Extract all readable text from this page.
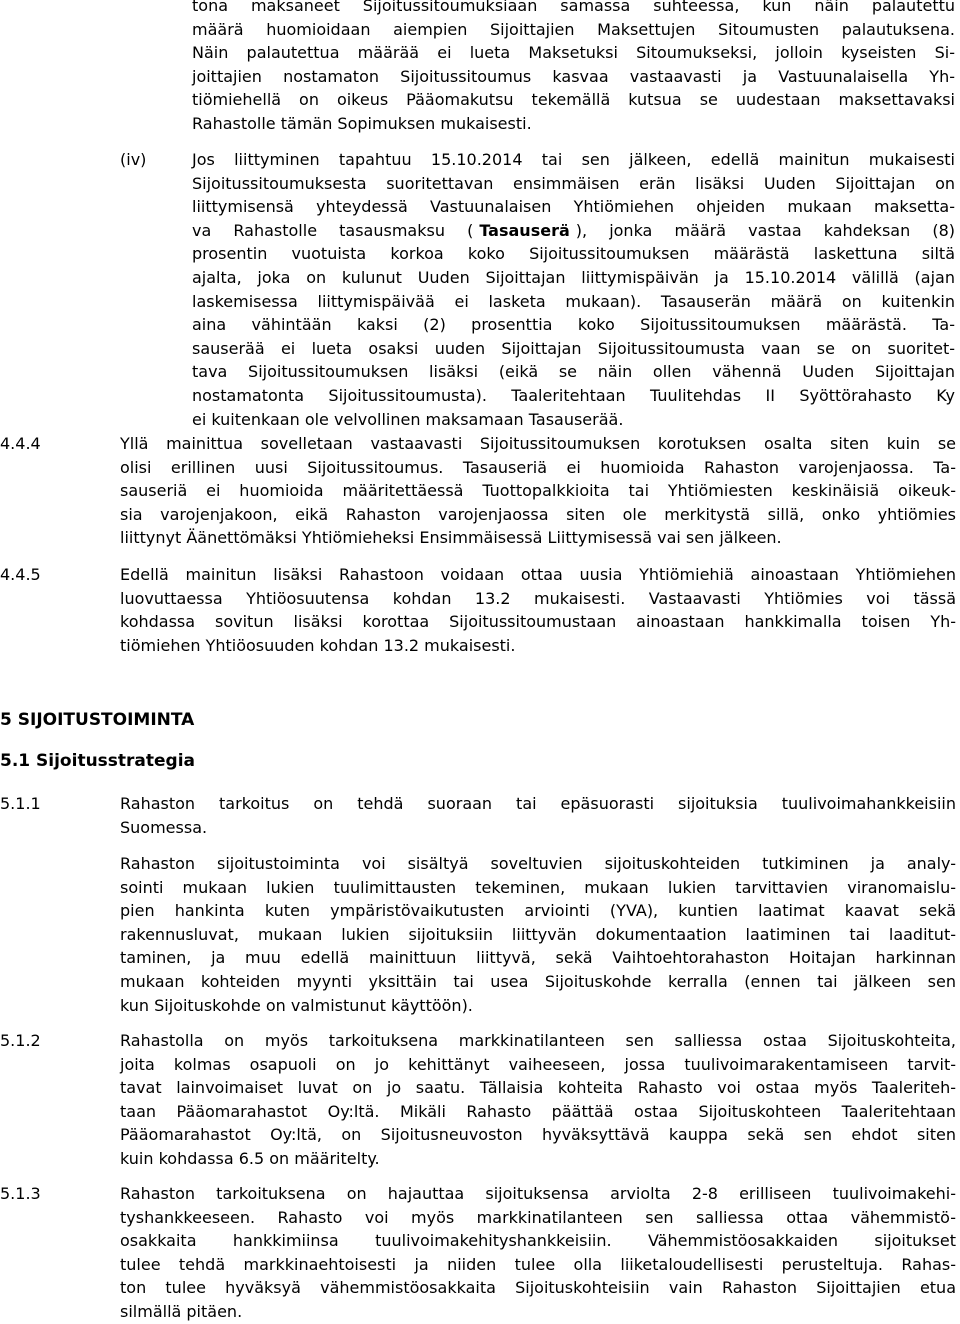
tona maksaneet Sijoitussitoumuksiaan samassa suhteessa, kun näin palautettu
määrä huomioidaan aiempien Sijoittajien Maksettujen Sitoumusten palautuksena.
Näin palautettua määrää ei lueta Maksetuksi Sitoumukseksi, jolloin kyseisten Si-
joittajien nostamaton Sijoitussitoumus kasvaa vastaavasti ja Vastuunalaisella Yh-
tiömiehellä on oikeus Pääomakutsu tekemällä kutsua se uudestaan maksettavaksi
Rahastolle tämän Sopimuksen mukaisesti.
(iv)	Jos liittyminen tapahtuu 15.10.2014 tai sen jälkeen, edellä mainitun mukaisesti
Sijoitussitoumuksesta suoritettavan ensimmäisen erän lisäksi Uuden Sijoittajan on
liittymisensä yhteydessä Vastuunalaisen Yhtiömiehen ohjeiden mukaan maksetta-
va Rahastolle tasausmaksu ( Tasauserä ), jonka määrä vastaa kahdeksan (8)
prosentin vuotuista korkoa koko Sijoitussitoumuksen määrästä laskettuna siltä
ajalta, joka on kulunut Uuden Sijoittajan liittymispäivän ja 15.10.2014 välillä (ajan
laskemisessa liittymispäivää ei lasketa mukaan). Tasauserän määrä on kuitenkin
aina vähintään kaksi (2) prosenttia koko Sijoitussitoumuksen määrästä. Ta-
sauserää ei lueta osaksi uuden Sijoittajan Sijoitussitoumusta vaan se on suoritet-
tava Sijoitussitoumuksen lisäksi (eikä se näin ollen vähennä Uuden Sijoittajan
nostamatonta Sijoitussitoumusta). Taaleritehtaan Tuulitehdas II Syöttörahasto Ky
ei kuitenkaan ole velvollinen maksamaan Tasauserää.
4.4.4	Yllä mainittua sovelletaan vastaavasti Sijoitussitoumuksen korotuksen osalta siten kuin se
olisi erillinen uusi Sijoitussitoumus. Tasauseriä ei huomioida Rahaston varojenjaossa. Ta-
sauseriä ei huomioida määritettäessä Tuottopalkkioita tai Yhtiömiesten keskinäisiä oikeuk-
sia varojenjakoon, eikä Rahaston varojenjaossa siten ole merkitystä sillä, onko yhtiömies
liittynyt Äänettömäksi Yhtiömieheksi Ensimmäisessä Liittymisessä vai sen jälkeen.
4.4.5	Edellä mainitun lisäksi Rahastoon voidaan ottaa uusia Yhtiömiehiä ainoastaan Yhtiömiehen
luovuttaessa Yhtiöosuutensa kohdan 13.2 mukaisesti. Vastaavasti Yhtiömies voi tässä
kohdassa sovitun lisäksi korottaa Sijoitussitoumustaan ainoastaan hankkimalla toisen Yh-
tiömiehen Yhtiöosuuden kohdan 13.2 mukaisesti.
5 SIJOITUSTOIMINTA
5.1 Sijoitusstrategia
5.1.1	Rahaston tarkoitus on tehdä suoraan tai epäsuorasti sijoituksia tuulivoimahankkeisiin
Suomessa.
Rahaston sijoitustoiminta voi sisältyä soveltuvien sijoituskohteiden tutkiminen ja analy-
sointi mukaan lukien tuulimittausten tekeminen, mukaan lukien tarvittavien viranomaislu-
pien hankinta kuten ympäristövaikutusten arviointi (YVA), kuntien laatimat kaavat sekä
rakennusluvat, mukaan lukien sijoituksiin liittyvän dokumentaation laatiminen tai laaditut-
taminen, ja muu edellä mainittuun liittyvä, sekä Vaihtoehtorahaston Hoitajan harkinnan
mukaan kohteiden myynti yksittäin tai usea Sijoituskohde kerralla (ennen tai jälkeen sen
kun Sijoituskohde on valmistunut käyttöön).
5.1.2	Rahastolla on myös tarkoituksena markkinatilanteen sen salliessa ostaa Sijoituskohteita,
joita kolmas osapuoli on jo kehittänyt vaiheeseen, jossa tuulivoimarakentamiseen tarvit-
tavat lainvoimaiset luvat on jo saatu. Tällaisia kohteita Rahasto voi ostaa myös Taaleriteh-
taan Pääomarahastot Oy:ltä. Mikäli Rahasto päättää ostaa Sijoituskohteen Taaleritehtaan
Pääomarahastot Oy:ltä, on Sijoitusneuvoston hyväksyttävä kauppa sekä sen ehdot siten
kuin kohdassa 6.5 on määritelty.
5.1.3	Rahaston tarkoituksena on hajauttaa sijoituksensa arviolta 2-8 erilliseen tuulivoimakehi-
tyshankkeeseen. Rahasto voi myös markkinatilanteen sen salliessa ottaa vähemmistö-
osakkaita hankkimiinsa tuulivoimakehityshankkeisiin. Vähemmistöosakkaiden sijoitukset
tulee tehdä markkinaehtoisesti ja niiden tulee olla liiketaloudellisesti perusteltuja. Rahas-
ton tulee hyväksyä vähemmistöosakkaita Sijoituskohteisiin vain Rahaston Sijoittajien etua
silmällä pitäen.
